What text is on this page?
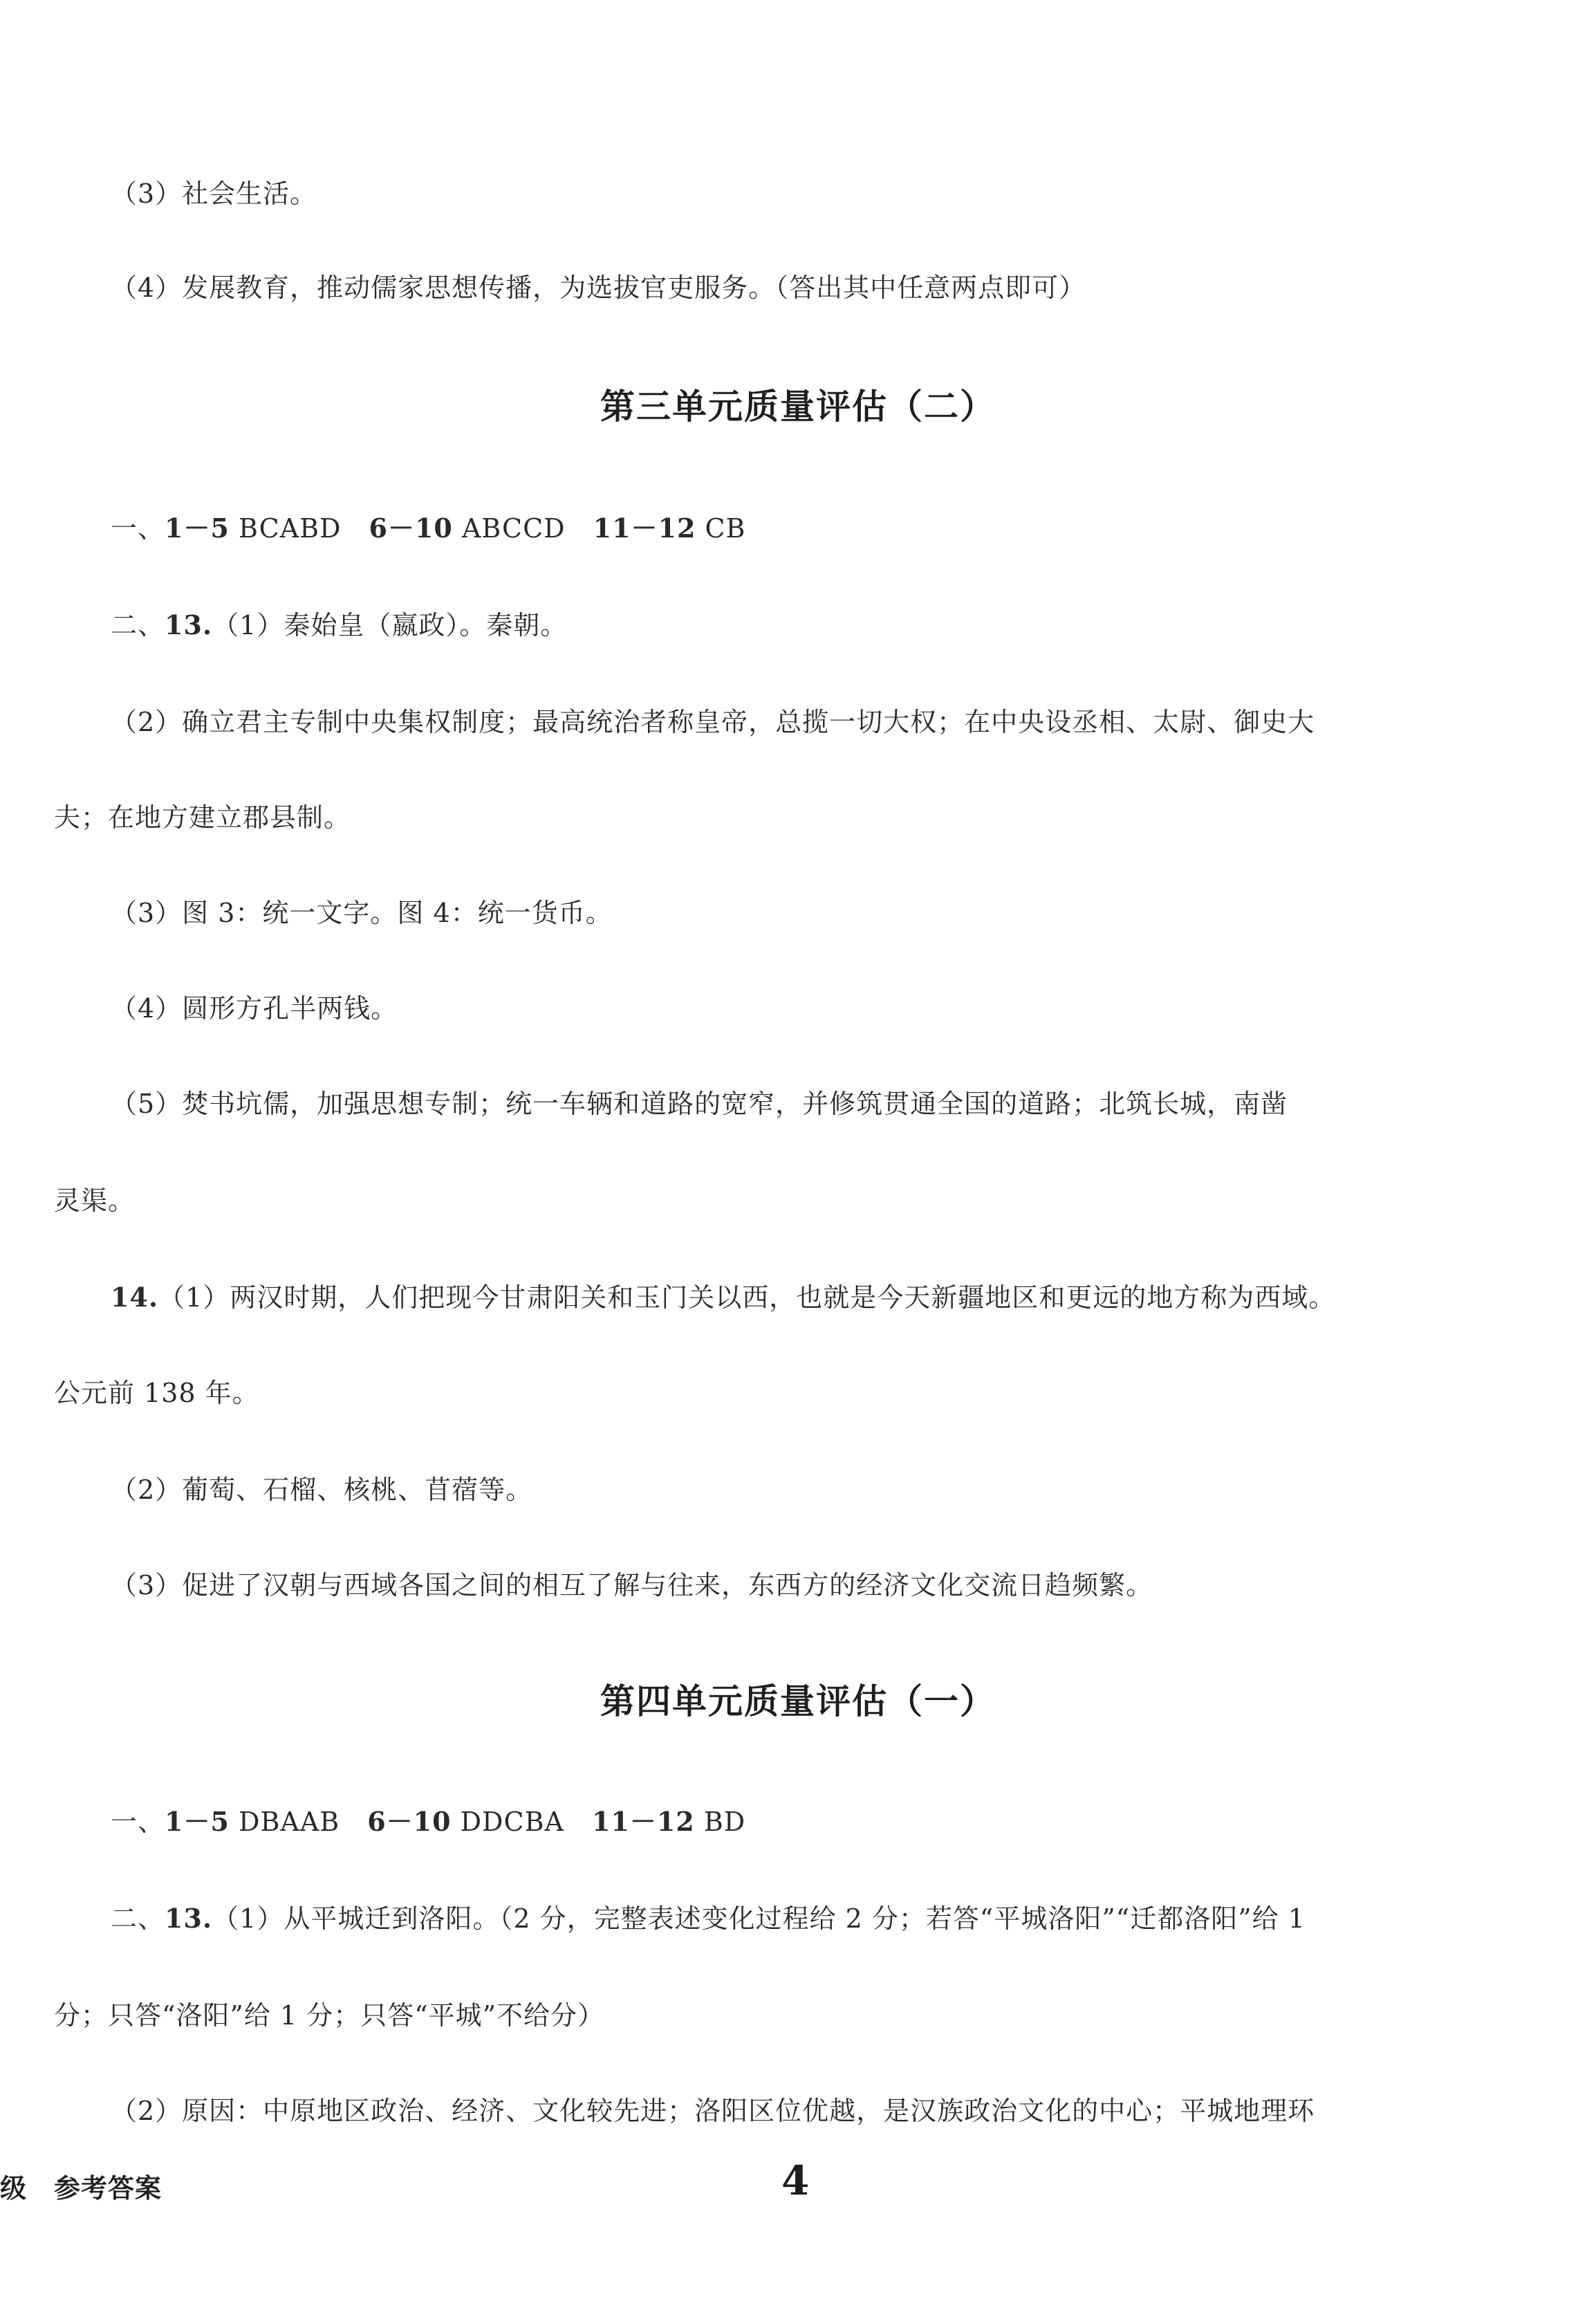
（3）社会生活。
（4）发展教育，推动儒家思想传播，为选拔官吏服务。（答出其中任意两点即可）
第三单元质量评估（二）
一、1－5 BCABD 6－10 ABCCD 11－12 CB
二、13.（1）秦始皇（嬴政）。秦朝。
（2）确立君主专制中央集权制度；最高统治者称皇帝，总揽一切大权；在中央设丞相、太尉、御史大
夫；在地方建立郡县制。
（3）图 3：统一文字。图 4：统一货币。
（4）圆形方孔半两钱。
（5）焚书坑儒，加强思想专制；统一车辆和道路的宽窄，并修筑贯通全国的道路；北筑长城，南凿
灵渠。
14.（1）两汉时期，人们把现今甘肃阳关和玉门关以西，也就是今天新疆地区和更远的地方称为西域。
公元前 138 年。
（2）葡萄、石榴、核桃、苜蓿等。
（3）促进了汉朝与西域各国之间的相互了解与往来，东西方的经济文化交流日趋频繁。
第四单元质量评估（一）
一、1－5 DBAAB 6－10 DDCBA 11－12 BD
二、13.（1）从平城迁到洛阳。（2 分，完整表述变化过程给 2 分；若答“平城洛阳”“迁都洛阳”给 1
分；只答“洛阳”给 1 分；只答“平城”不给分）
（2）原因：中原地区政治、经济、文化较先进；洛阳区位优越，是汉族政治文化的中心；平城地理环
级　参考答案	4
